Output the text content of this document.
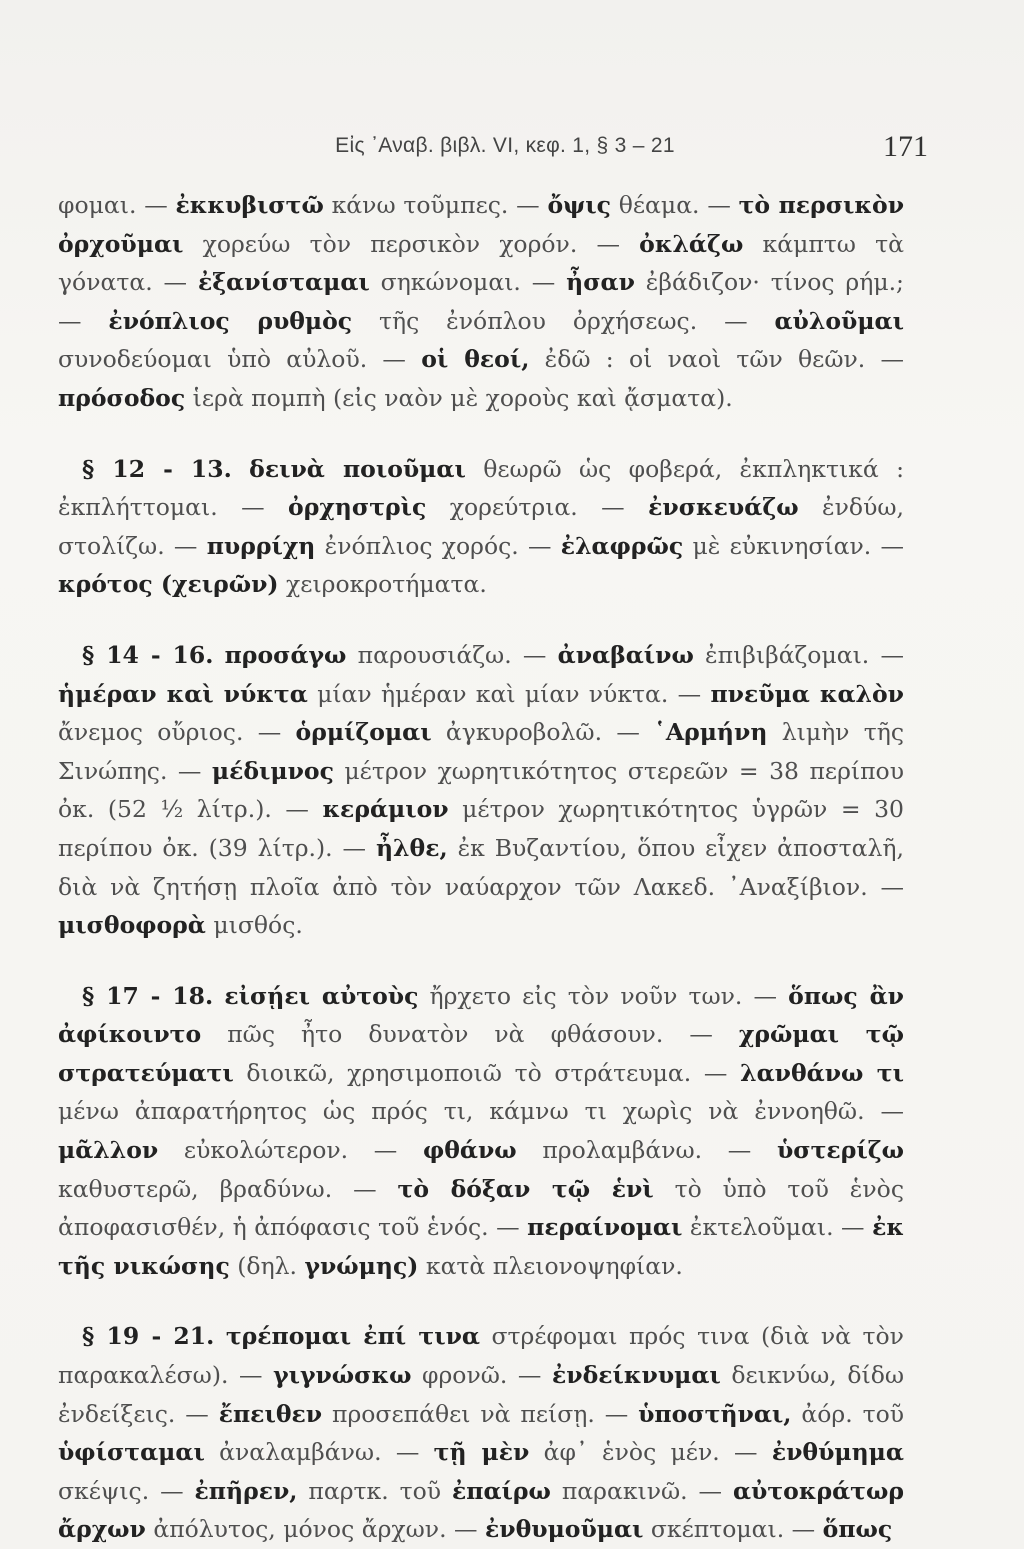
Εἰς ᾽Αναβ. βιβλ. VI, κεφ. 1, § 3 – 21	171

φομαι. — ἐκκυβιστῶ κάνω τοῦμπες. — ὄψις θέαμα. — τὸ περσικὸν ὀρχοῦμαι χορεύω τὸν περσικὸν χορόν. — ὀκλάζω κάμπτω τὰ γόνατα. — ἐξανίσταμαι σηκώνομαι. — ἦσαν ἐβάδιζον· τίνος ρήμ.; — ἐνόπλιος ρυθμὸς τῆς ἐνόπλου ὀρχήσεως. — αὐλοῦμαι συνοδεύομαι ὑπὸ αὐλοῦ. — οἱ θεοί, ἐδῶ : οἱ ναοὶ τῶν θεῶν. — πρόσοδος ἱερὰ πομπὴ (εἰς ναὸν μὲ χοροὺς καὶ ᾄσματα).

§ 12 - 13. δεινὰ ποιοῦμαι θεωρῶ ὡς φοβερά, ἐκπληκτικά : ἐκπλήττομαι. — ὀρχηστρὶς χορεύτρια. — ἐνσκευάζω ἐνδύω, στολίζω. — πυρρίχη ἐνόπλιος χορός. — ἐλαφρῶς μὲ εὐκινησίαν. — κρότος (χειρῶν) χειροκροτήματα.

§ 14 - 16. προσάγω παρουσιάζω. — ἀναβαίνω ἐπιβιβάζομαι. — ἡμέραν καὶ νύκτα μίαν ἡμέραν καὶ μίαν νύκτα. — πνεῦμα καλὸν ἄνεμος οὔριος. — ὁρμίζομαι ἀγκυροβολῶ. — ῾Αρμήνη λιμὴν τῆς Σινώπης. — μέδιμνος μέτρον χωρητικότητος στερεῶν = 38 περίπου ὀκ. (52 ½ λίτρ.). — κεράμιον μέτρον χωρητικότητος ὑγρῶν = 30 περίπου ὀκ. (39 λίτρ.). — ἦλθε, ἐκ Βυζαντίου, ὅπου εἶχεν ἀποσταλῆ, διὰ νὰ ζητήσῃ πλοῖα ἀπὸ τὸν ναύαρχον τῶν Λακεδ. ᾽Αναξίβιον. — μισθοφορὰ μισθός.

§ 17 - 18. εἰσῄει αὐτοὺς ἤρχετο εἰς τὸν νοῦν των. — ὅπως ἂν ἀφίκοιντο πῶς ἦτο δυνατὸν νὰ φθάσουν. — χρῶμαι τῷ στρατεύματι διοικῶ, χρησιμοποιῶ τὸ στράτευμα. — λανθάνω τι μένω ἀπαρατήρητος ὡς πρός τι, κάμνω τι χωρὶς νὰ ἐννοηθῶ. — μᾶλλον εὐκολώτερον. — φθάνω προλαμβάνω. — ὑστερίζω καθυστερῶ, βραδύνω. — τὸ δόξαν τῷ ἑνὶ τὸ ὑπὸ τοῦ ἑνὸς ἀποφασισθέν, ἡ ἀπόφασις τοῦ ἑνός. — περαίνομαι ἐκτελοῦμαι. — ἐκ τῆς νικώσης (δηλ. γνώμης) κατὰ πλειονοψηφίαν.

§ 19 - 21. τρέπομαι ἐπί τινα στρέφομαι πρός τινα (διὰ νὰ τὸν παρακαλέσω). — γιγνώσκω φρονῶ. — ἐνδείκνυμαι δεικνύω, δίδω ἐνδείξεις. — ἔπειθεν προσεπάθει νὰ πείσῃ. — ὑποστῆναι, ἀόρ. τοῦ ὑφίσταμαι ἀναλαμβάνω. — τῇ μὲν ἀφ᾽ ἑνὸς μέν. — ἐνθύμημα σκέψις. — ἐπῆρεν, παρτκ. τοῦ ἐπαίρω παρακινῶ. — αὐτοκράτωρ ἄρχων ἀπόλυτος, μόνος ἄρχων. — ἐνθυμοῦμαι σκέπτομαι. — ὅπως
